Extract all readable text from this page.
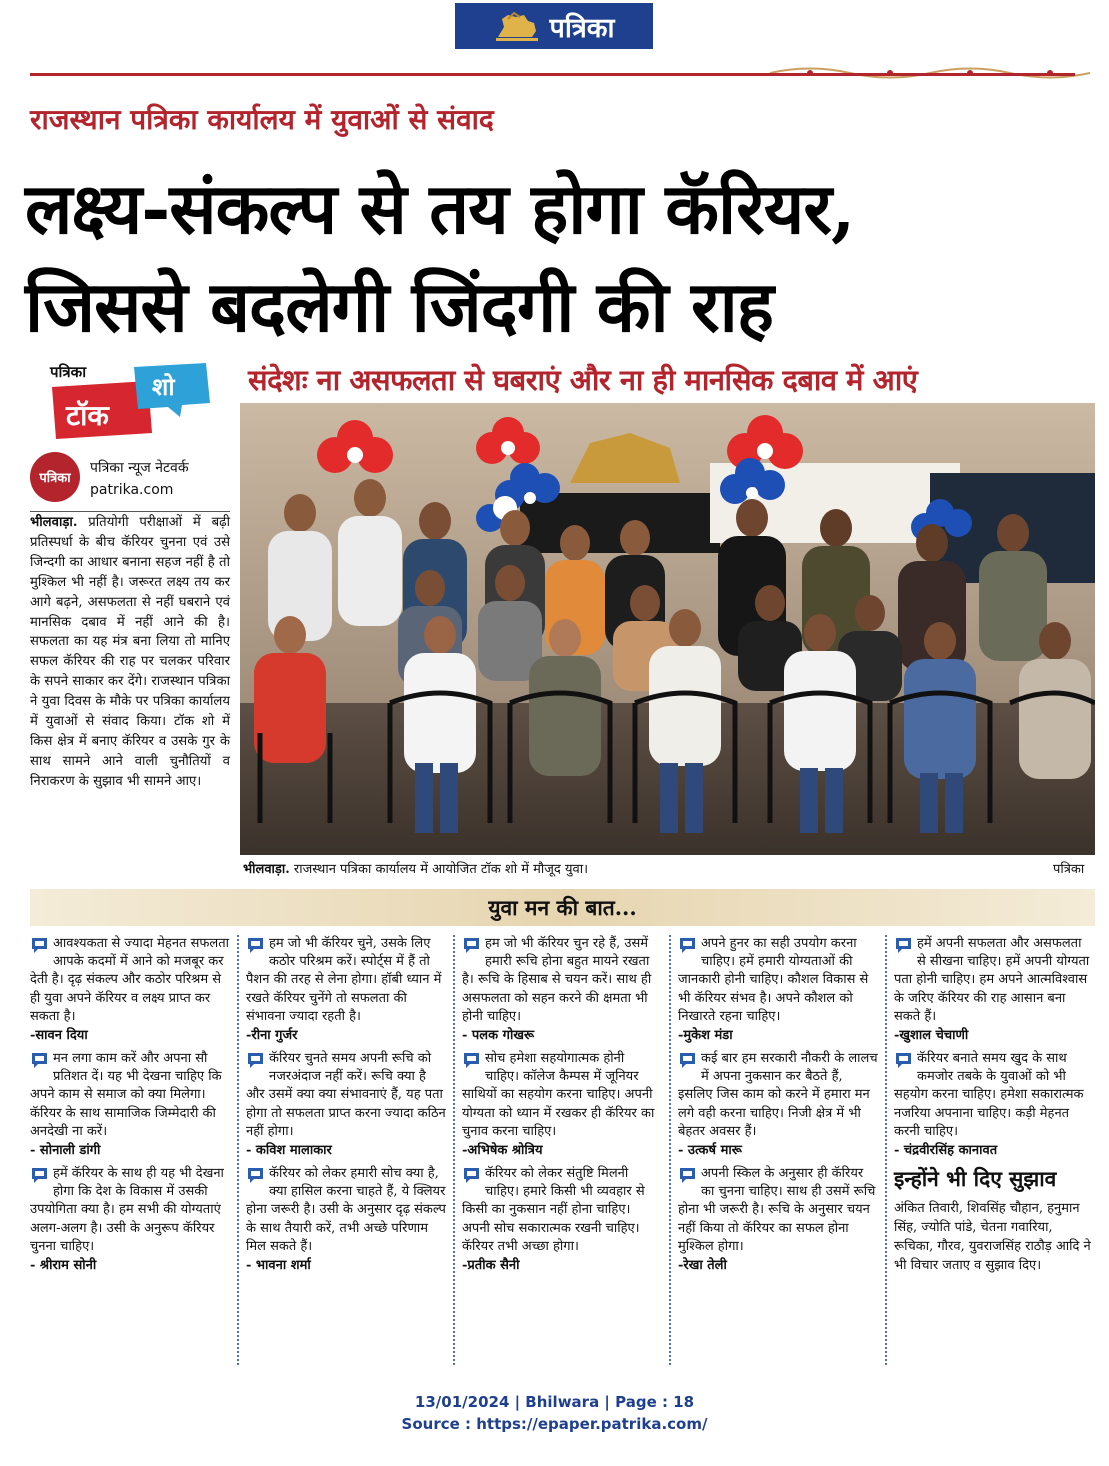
पत्रिका
राजस्थान पत्रिका कार्यालय में युवाओं से संवाद
लक्ष्य-संकल्प से तय होगा कॅरियर,
जिससे बदलेगी जिंदगी की राह
संदेशः ना असफलता से घबराएं और ना ही मानसिक दबाव में आएं
पत्रिका
टॉक
शो
पत्रिका
पत्रिका न्यूज नेटवर्क
patrika.com
भीलवाड़ा. प्रतियोगी परीक्षाओं में बढ़ी प्रतिस्पर्धा के बीच कॅरियर चुनना एवं उसे जिन्दगी का आधार बनाना सहज नहीं है तो मुश्किल भी नहीं है। जरूरत लक्ष्य तय कर आगे बढ़ने, असफलता से नहीं घबराने एवं मानसिक दबाव में नहीं आने की है। सफलता का यह मंत्र बना लिया तो मानिए सफल कॅरियर की राह पर चलकर परिवार के सपने साकार कर देंगे। राजस्थान पत्रिका ने युवा दिवस के मौके पर पत्रिका कार्यालय में युवाओं से संवाद किया। टॉक शो में किस क्षेत्र में बनाए कॅरियर व उसके गुर के साथ सामने आने वाली चुनौतियों व निराकरण के सुझाव भी सामने आए।
भीलवाड़ा. राजस्थान पत्रिका कार्यालय में आयोजित टॉक शो में मौजूद युवा।	पत्रिका
युवा मन की बात...
आवश्यकता से ज्यादा मेहनत सफलता आपके कदमों में आने को मजबूर कर देती है। दृढ़ संकल्प और कठोर परिश्रम से ही युवा अपने कॅरियर व लक्ष्य प्राप्त कर सकता है।
-सावन दिया
मन लगा काम करें और अपना सौ प्रतिशत दें। यह भी देखना चाहिए कि अपने काम से समाज को क्या मिलेगा। कॅरियर के साथ सामाजिक जिम्मेदारी की अनदेखी ना करें।
- सोनाली डांगी
हमें कॅरियर के साथ ही यह भी देखना होगा कि देश के विकास में उसकी उपयोगिता क्या है। हम सभी की योग्यताएं अलग-अलग है। उसी के अनुरूप कॅरियर चुनना चाहिए।
- श्रीराम सोनी
हम जो भी कॅरियर चुने, उसके लिए कठोर परिश्रम करें। स्पोर्ट्स में हैं तो पैशन की तरह से लेना होगा। हॉबी ध्यान में रखते कॅरियर चुनेंगे तो सफलता की संभावना ज्यादा रहती है।
-रीना गुर्जर
कॅरियर चुनते समय अपनी रूचि को नजरअंदाज नहीं करें। रूचि क्या है और उसमें क्या क्या संभावनाएं हैं, यह पता होगा तो सफलता प्राप्त करना ज्यादा कठिन नहीं होगा।
- कविश मालाकार
कॅरियर को लेकर हमारी सोच क्या है, क्या हासिल करना चाहते हैं, ये क्लियर होना जरूरी है। उसी के अनुसार दृढ़ संकल्प के साथ तैयारी करें, तभी अच्छे परिणाम मिल सकते हैं।
- भावना शर्मा
हम जो भी कॅरियर चुन रहे हैं, उसमें हमारी रूचि होना बहुत मायने रखता है। रूचि के हिसाब से चयन करें। साथ ही असफलता को सहन करने की क्षमता भी होनी चाहिए।
- पलक गोखरू
सोच हमेशा सहयोगात्मक होनी चाहिए। कॉलेज कैम्पस में जूनियर साथियों का सहयोग करना चाहिए। अपनी योग्यता को ध्यान में रखकर ही कॅरियर का चुनाव करना चाहिए।
-अभिषेक श्रोत्रिय
कॅरियर को लेकर संतुष्टि मिलनी चाहिए। हमारे किसी भी व्यवहार से किसी का नुकसान नहीं होना चाहिए। अपनी सोच सकारात्मक रखनी चाहिए। कॅरियर तभी अच्छा होगा।
-प्रतीक सैनी
अपने हुनर का सही उपयोग करना चाहिए। हमें हमारी योग्यताओं की जानकारी होनी चाहिए। कौशल विकास से भी कॅरियर संभव है। अपने कौशल को निखारते रहना चाहिए।
-मुकेश मंडा
कई बार हम सरकारी नौकरी के लालच में अपना नुकसान कर बैठते हैं, इसलिए जिस काम को करने में हमारा मन लगे वही करना चाहिए। निजी क्षेत्र में भी बेहतर अवसर हैं।
- उत्कर्ष मारू
अपनी स्किल के अनुसार ही कॅरियर का चुनना चाहिए। साथ ही उसमें रूचि होना भी जरूरी है। रूचि के अनुसार चयन नहीं किया तो कॅरियर का सफल होना मुश्किल होगा।
-रेखा तेली
हमें अपनी सफलता और असफलता से सीखना चाहिए। हमें अपनी योग्यता पता होनी चाहिए। हम अपने आत्मविश्वास के जरिए कॅरियर की राह आसान बना सकते हैं।
-खुशाल चेचाणी
कॅरियर बनाते समय खुद के साथ कमजोर तबके के युवाओं को भी सहयोग करना चाहिए। हमेशा सकारात्मक नजरिया अपनाना चाहिए। कड़ी मेहनत करनी चाहिए।
- चंद्रवीरसिंह कानावत
इन्होंने भी दिए सुझाव
अंकित तिवारी, शिवसिंह चौहान, हनुमान सिंह, ज्योति पांडे, चेतना गवारिया, रूचिका, गौरव, युवराजसिंह राठौड़ आदि ने भी विचार जताए व सुझाव दिए।
13/01/2024 | Bhilwara | Page : 18
Source : https://epaper.patrika.com/
